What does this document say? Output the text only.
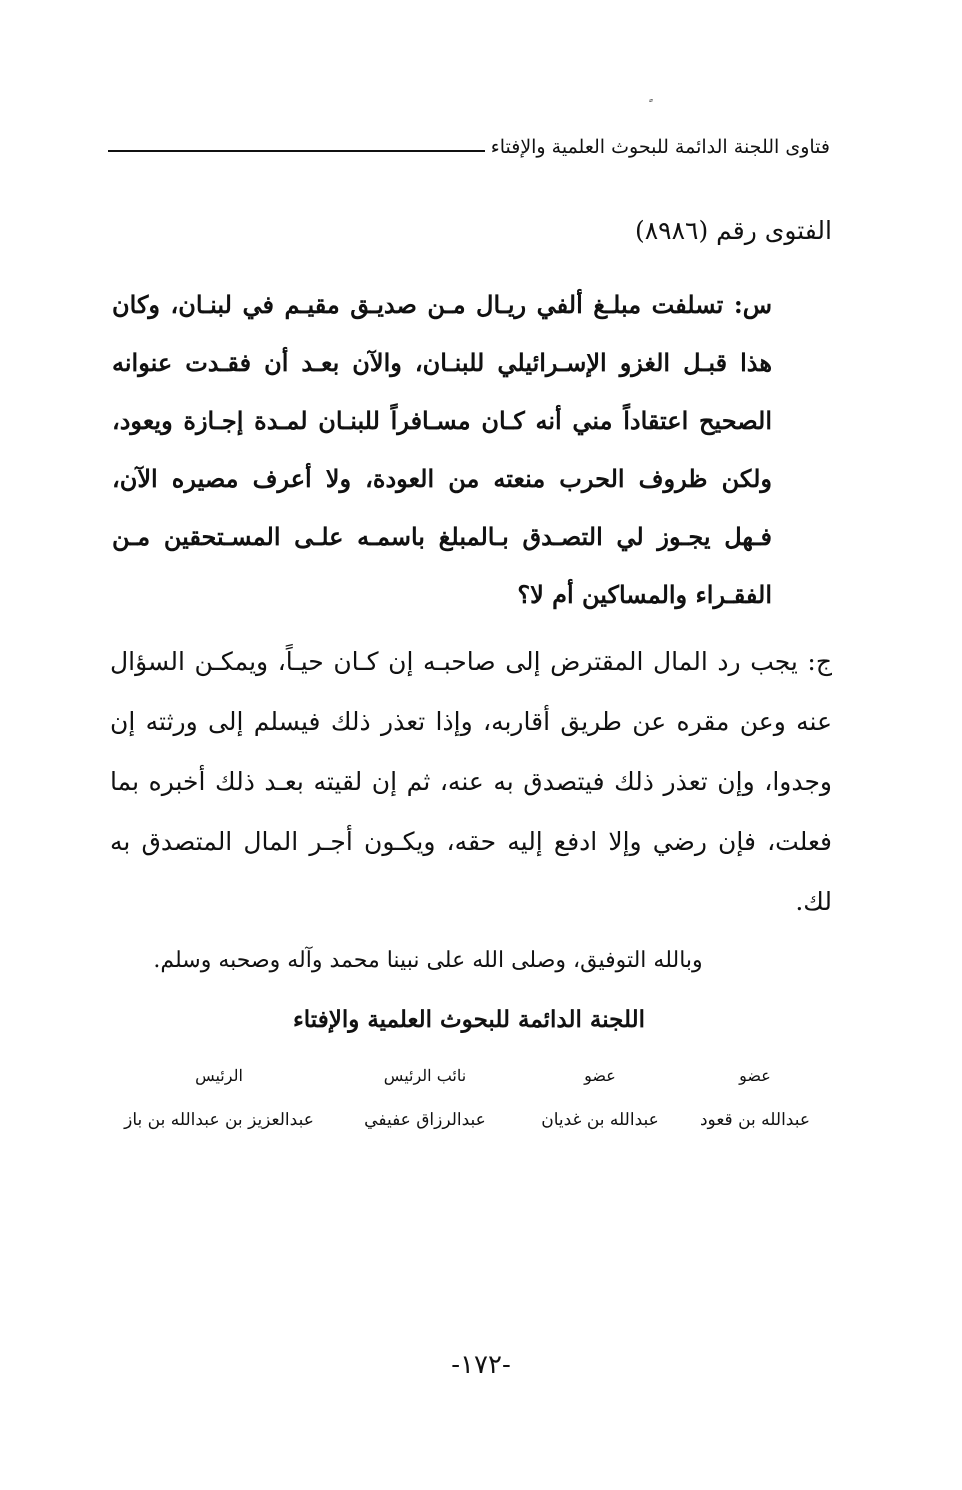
فتاوى اللجنة الدائمة للبحوث العلمية والإفتاء
الفتوى رقم (٨٩٨٦)
س: تسلفت مبلـغ ألفي ريـال مـن صديـق مقيـم في لبنـان، وكان هذا قبـل الغزو الإسـرائيلي للبنـان، والآن بعـد أن فقـدت عنوانه الصحيح اعتقاداً مني أنه كـان مسـافراً للبنـان لمـدة إجـازة ويعود، ولكن ظروف الحرب منعته من العودة، ولا أعرف مصيره الآن، فـهل يجـوز لي التصـدق بـالمبلغ باسمـه علـى المسـتحقين مـن الفقـراء والمساكين أم لا؟
ج: يجب رد المال المقترض إلى صاحبـه إن كـان حيـاً، ويمكـن السؤال عنه وعن مقره عن طريق أقاربه، وإذا تعذر ذلك فيسلم إلى ورثته إن وجدوا، وإن تعذر ذلك فيتصدق به عنه، ثم إن لقيته بعـد ذلك أخبره بما فعلت، فإن رضي وإلا ادفع إليه حقه، ويكـون أجـر المال المتصدق به لك.
وبالله التوفيق، وصلى الله على نبينا محمد وآله وصحبه وسلم.
اللجنة الدائمة للبحوث العلمية والإفتاء
عضو
عضو
نائب الرئيس
الرئيس
عبدالله بن قعود
عبدالله بن غديان
عبدالرزاق عفيفي
عبدالعزيز بن عبدالله بن باز
-١٧٢-
